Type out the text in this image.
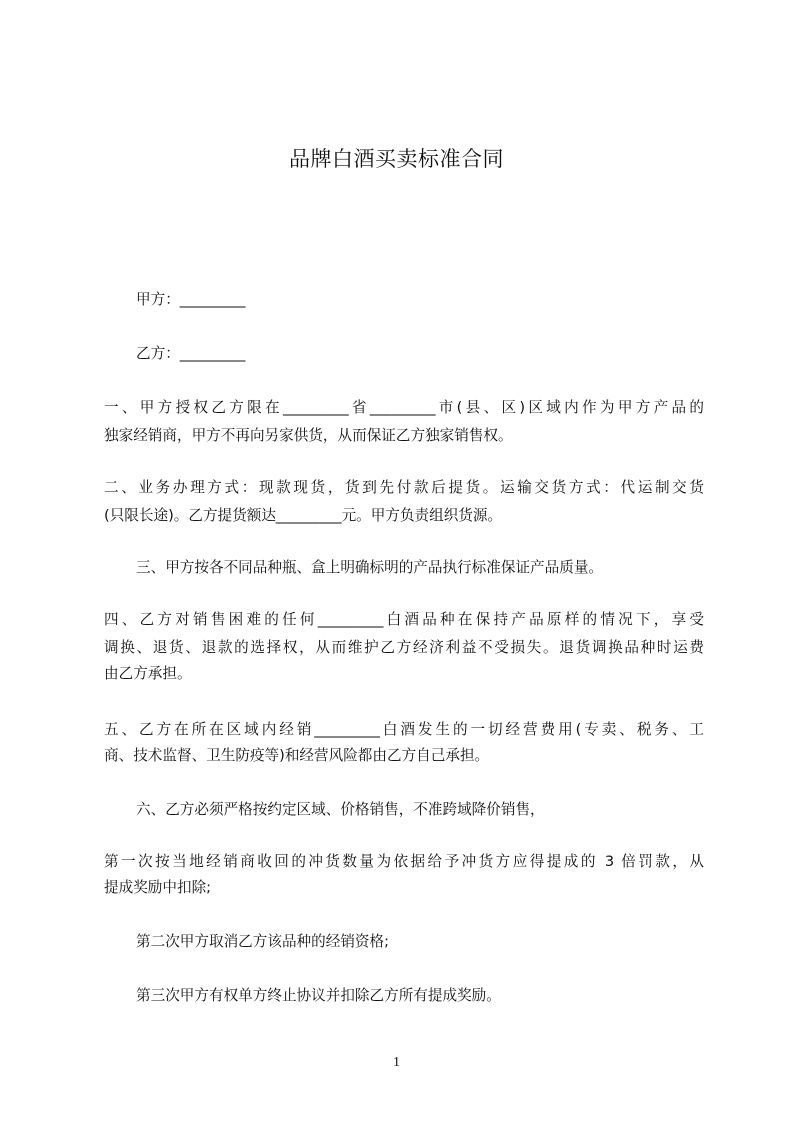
品牌白酒买卖标准合同
甲方：_________
乙方：_________
一、甲方授权乙方限在_________省_________市(县、区)区域内作为甲方产品的
独家经销商，甲方不再向另家供货，从而保证乙方独家销售权。
二、业务办理方式：现款现货，货到先付款后提货。运输交货方式：代运制交货
(只限长途)。乙方提货额达_________元。甲方负责组织货源。
三、甲方按各不同品种瓶、盒上明确标明的产品执行标准保证产品质量。
四、乙方对销售困难的任何_________白酒品种在保持产品原样的情况下，享受
调换、退货、退款的选择权，从而维护乙方经济利益不受损失。退货调换品种时运费
由乙方承担。
五、乙方在所在区域内经销_________白酒发生的一切经营费用(专卖、税务、工
商、技术监督、卫生防疫等)和经营风险都由乙方自己承担。
六、乙方必须严格按约定区域、价格销售，不准跨域降价销售，
第一次按当地经销商收回的冲货数量为依据给予冲货方应得提成的 3 倍罚款，从
提成奖励中扣除;
第二次甲方取消乙方该品种的经销资格;
第三次甲方有权单方终止协议并扣除乙方所有提成奖励。
1
